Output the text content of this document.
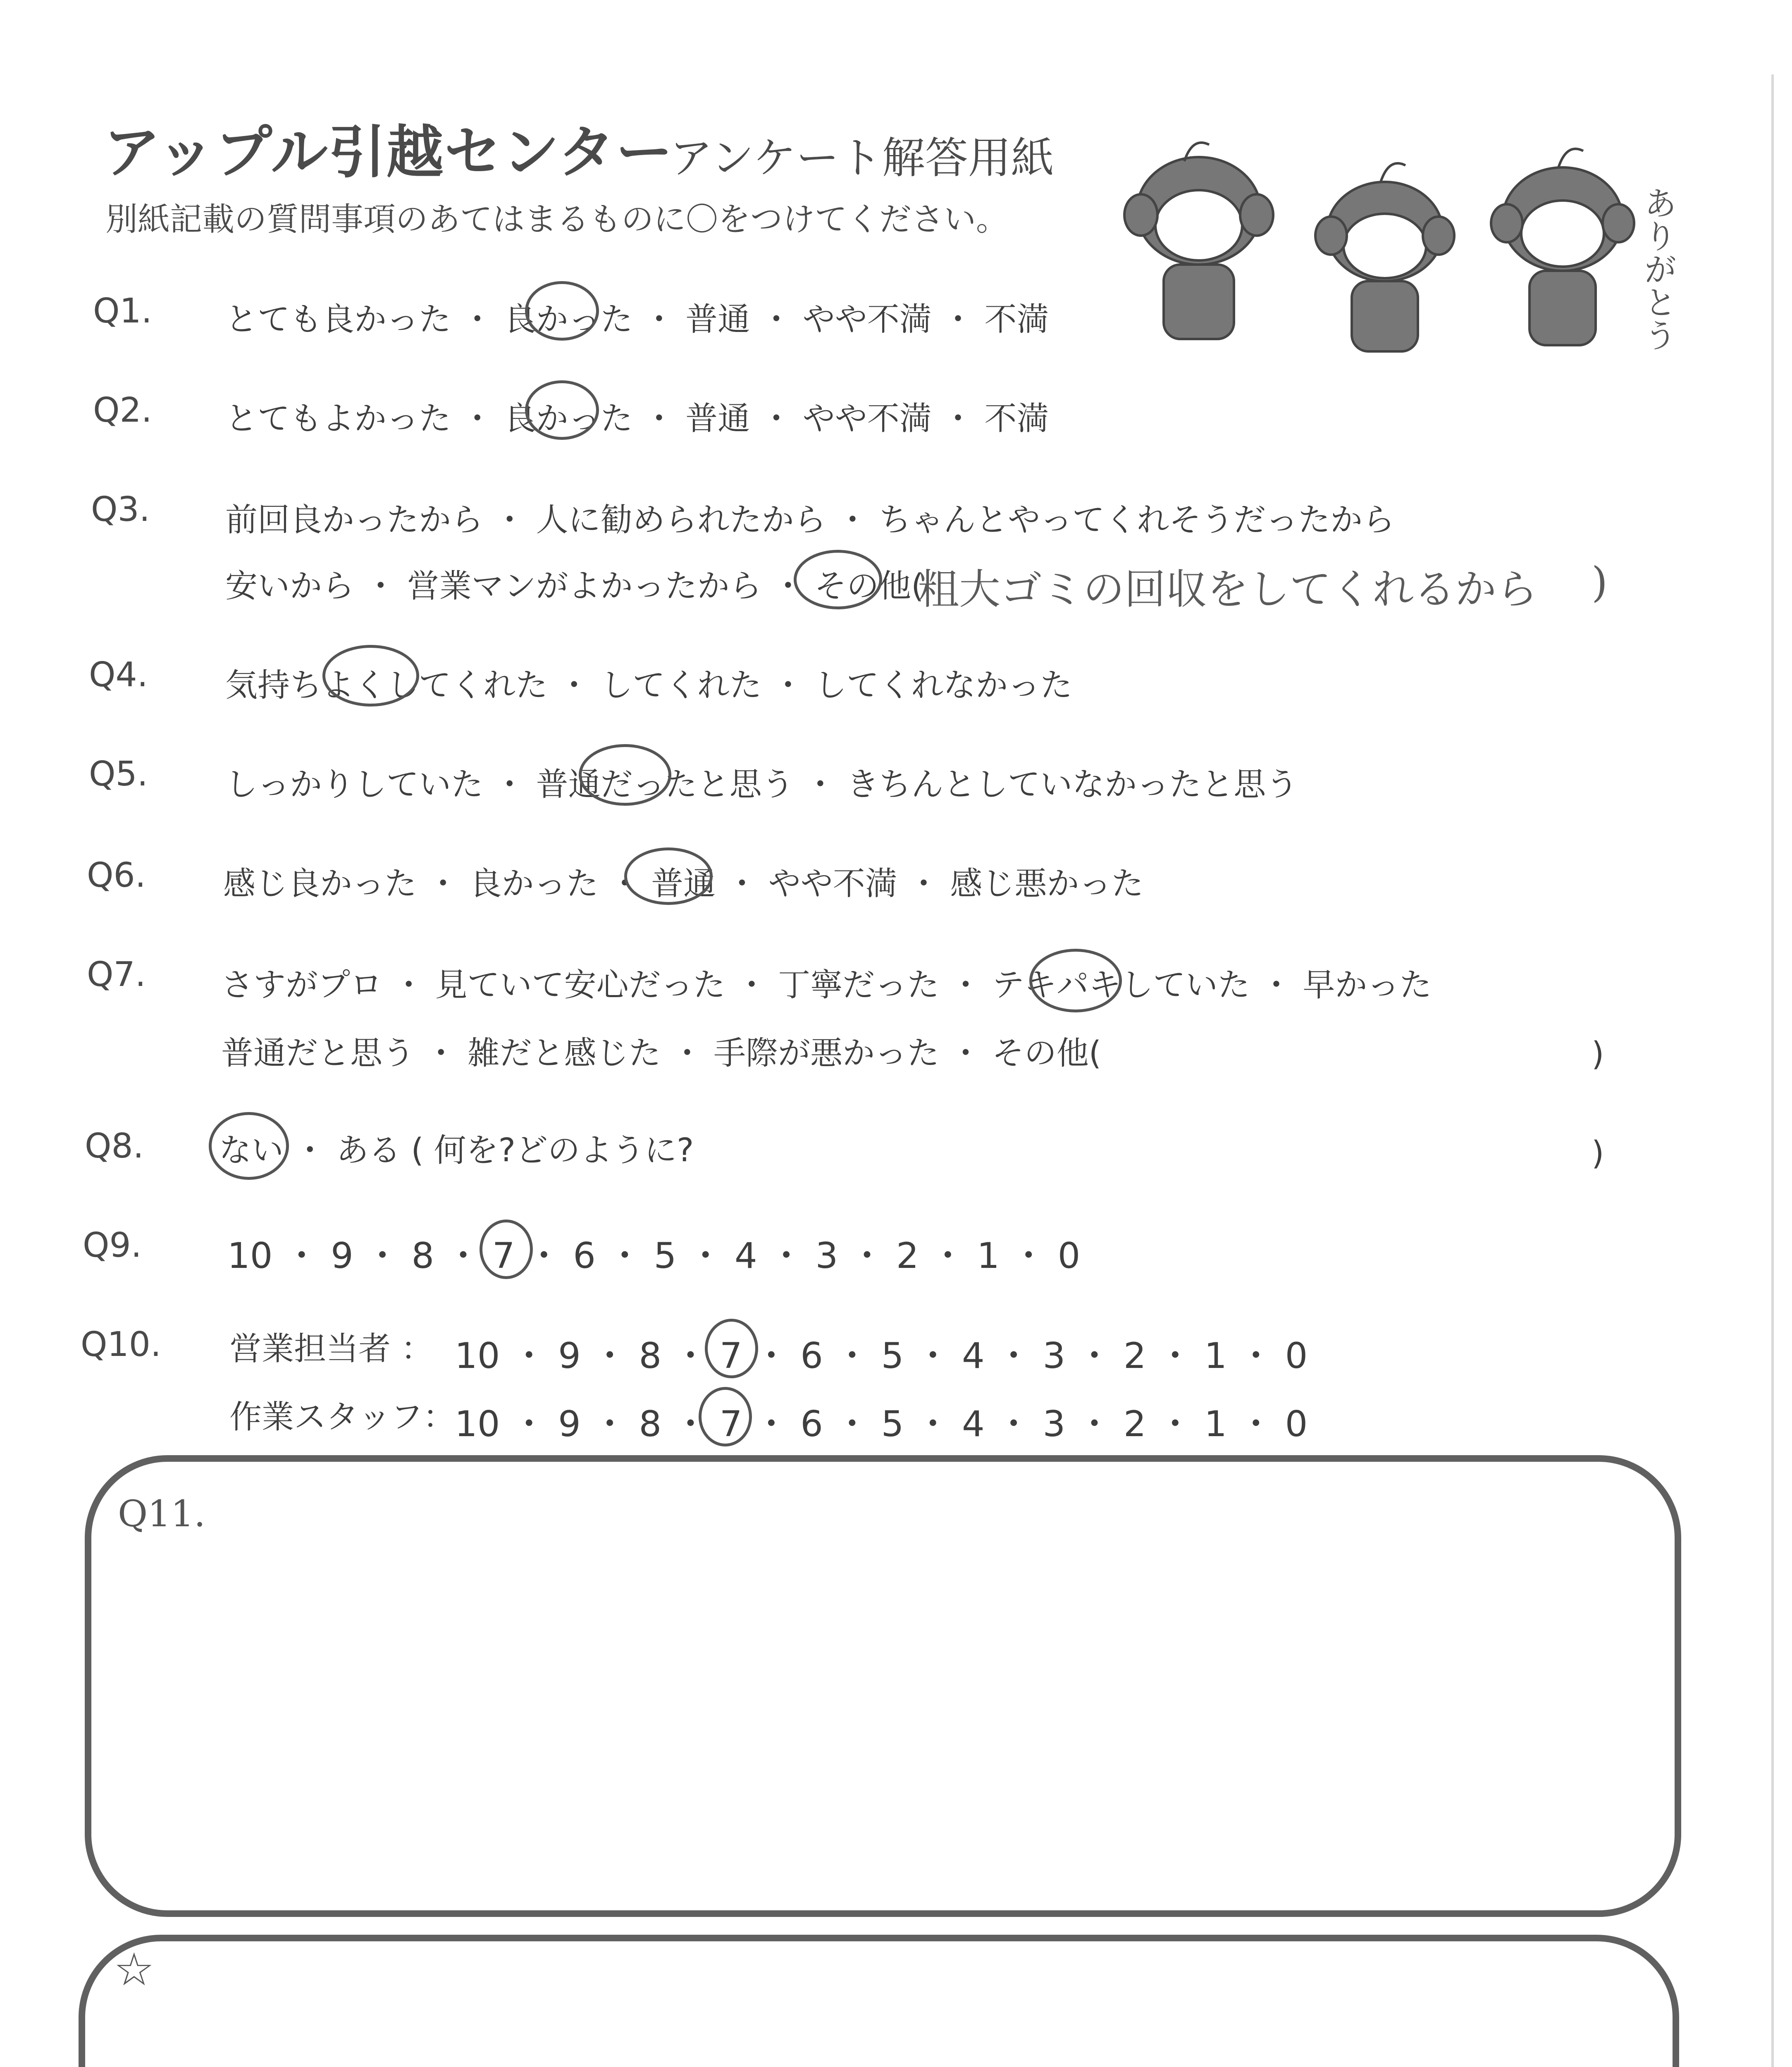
アップル引越センター
アンケート解答用紙
別紙記載の質問事項のあてはまるものに〇をつけてください。	ありがとう
Q1. とても良かった ・ 良かった ・ 普通 ・ やや不満 ・ 不満
Q2. とてもよかった ・ 良かった ・ 普通 ・ やや不満 ・ 不満
Q3. 前回良かったから ・ 人に勧められたから ・ ちゃんとやってくれそうだったから
安いから ・ 営業マンがよかったから ・ その他(
粗大ゴミの回収をしてくれるから )
Q4. 気持ちよくしてくれた ・ してくれた ・ してくれなかった
Q5. しっかりしていた ・ 普通だったと思う ・ きちんとしていなかったと思う
Q6. 感じ良かった ・ 良かった ・ 普通 ・ やや不満 ・ 感じ悪かった
Q7. さすがプロ ・ 見ていて安心だった ・ 丁寧だった ・ テキパキしていた ・ 早かった
普通だと思う ・ 雑だと感じた ・ 手際が悪かった ・ その他(	)
Q8. ない ・ ある ( 何を?どのように?	)
Q9. 10 ・ 9 ・ 8 ・ 7 ・ 6 ・ 5 ・ 4 ・ 3 ・ 2 ・ 1 ・ 0
Q10. 営業担当者 ： 10 ・ 9 ・ 8 ・ 7 ・ 6 ・ 5 ・ 4 ・ 3 ・ 2 ・ 1 ・ 0
作業スタッフ：
10 ・ 9 ・ 8 ・ 7 ・ 6 ・ 5 ・ 4 ・ 3 ・ 2 ・ 1 ・ 0
Q11.
☆
